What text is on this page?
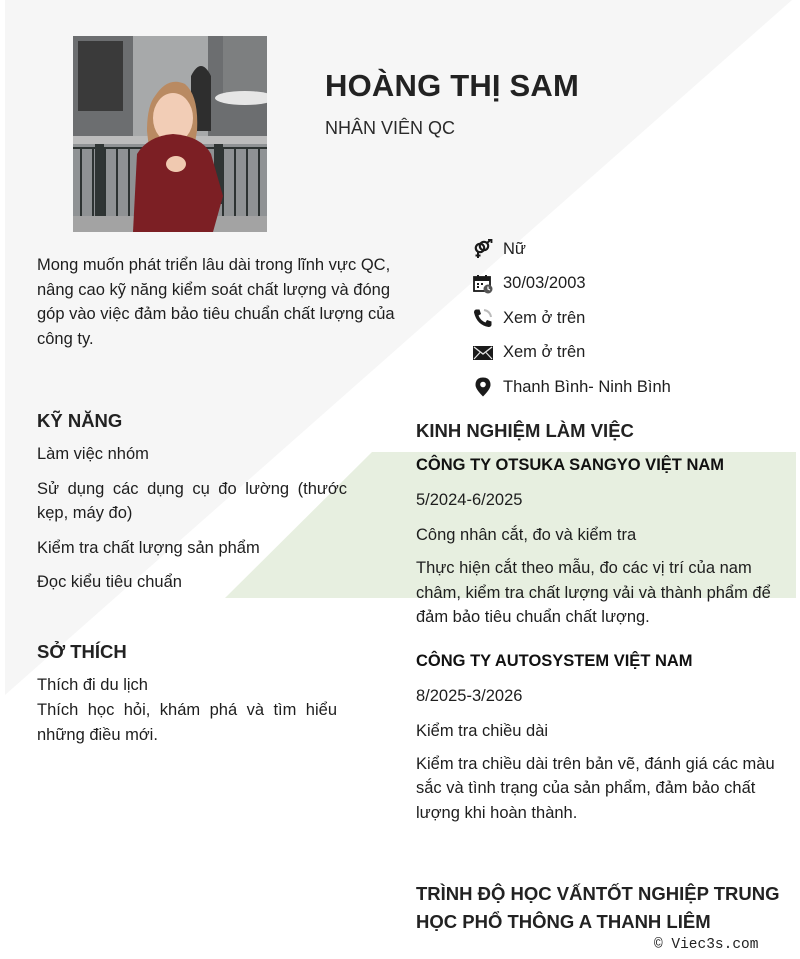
HOÀNG THỊ SAM
NHÂN VIÊN QC
Mong muốn phát triển lâu dài trong lĩnh vực QC, nâng cao kỹ năng kiểm soát chất lượng và đóng góp vào việc đảm bảo tiêu chuẩn chất lượng của công ty.
Nữ
30/03/2003
Xem ở trên
Xem ở trên
Thanh Bình- Ninh Bình
KỸ NĂNG
Làm việc nhóm
Sử dụng các dụng cụ đo lường (thước kẹp, máy đo)
Kiểm tra chất lượng sản phẩm
Đọc kiểu tiêu chuẩn
SỞ THÍCH
Thích đi du lịch
Thích học hỏi, khám phá và tìm hiểu những điều mới.
KINH NGHIỆM LÀM VIỆC
CÔNG TY OTSUKA SANGYO VIỆT NAM
5/2024-6/2025
Công nhân cắt, đo và kiểm tra
Thực hiện cắt theo mẫu, đo các vị trí của nam châm, kiểm tra chất lượng vải và thành phẩm để đảm bảo tiêu chuẩn chất lượng.
CÔNG TY AUTOSYSTEM VIỆT NAM
8/2025-3/2026
Kiểm tra chiều dài
Kiểm tra chiều dài trên bản vẽ, đánh giá các màu sắc và tình trạng của sản phẩm, đảm bảo chất lượng khi hoàn thành.
TRÌNH ĐỘ HỌC VẤNTỐT NGHIỆP TRUNG HỌC PHỔ THÔNG A THANH LIÊM
© Viec3s.com
